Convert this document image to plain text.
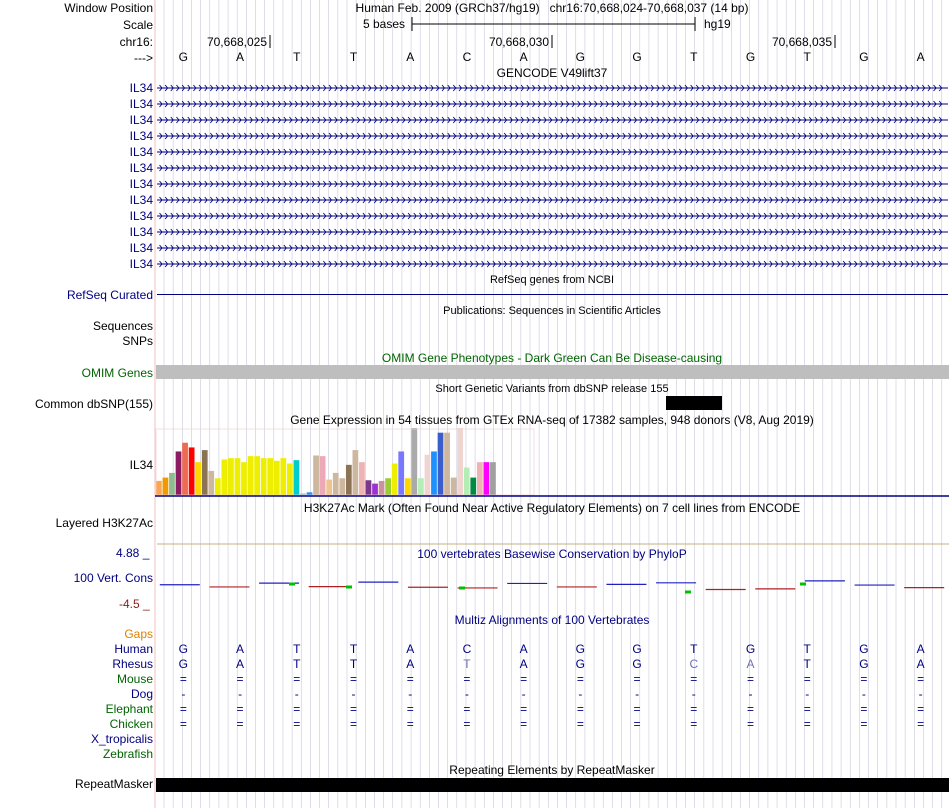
Window Position	Human Feb. 2009 (GRCh37/hg19)   chr16:70,668,024-70,668,037 (14 bp)
Scale	5 bases	hg19
chr16:	70,668,025	70,668,030	70,668,035
--->
GENCODE V49lift37
RefSeq genes from NCBI
RefSeq Curated
Publications: Sequences in Scientific Articles
Sequences
SNPs
OMIM Gene Phenotypes - Dark Green Can Be Disease-causing
OMIM Genes
Short Genetic Variants from dbSNP release 155
Common dbSNP(155)
Gene Expression in 54 tissues from GTEx RNA-seq of 17382 samples, 948 donors (V8, Aug 2019)
IL34
H3K27Ac Mark (Often Found Near Active Regulatory Elements) on 7 cell lines from ENCODE
Layered H3K27Ac
100 vertebrates Basewise Conservation by PhyloP
4.88 _
100 Vert. Cons
-4.5 _
Multiz Alignments of 100 Vertebrates
Gaps
Repeating Elements by RepeatMasker
RepeatMasker
G	A	T	T	A	C	A	G	G	T	G	T	G	A
IL34
IL34
IL34
IL34
IL34
IL34
IL34
IL34
IL34
IL34
IL34
IL34
Human	G	A	T	T	A	C	A	G	G	T	G	T	G	A
Rhesus	G	A	T	T	A	T	A	G	G	C	A	T	G	A
Mouse	=	=	=	=	=	=	=	=	=	=	=	=	=	=
Dog	-	-	-	-	-	-	-	-	-	-	-	-	-	-
Elephant	=	=	=	=	=	=	=	=	=	=	=	=	=	=
Chicken	=	=	=	=	=	=	=	=	=	=	=	=	=	=
X_tropicalis
Zebrafish
